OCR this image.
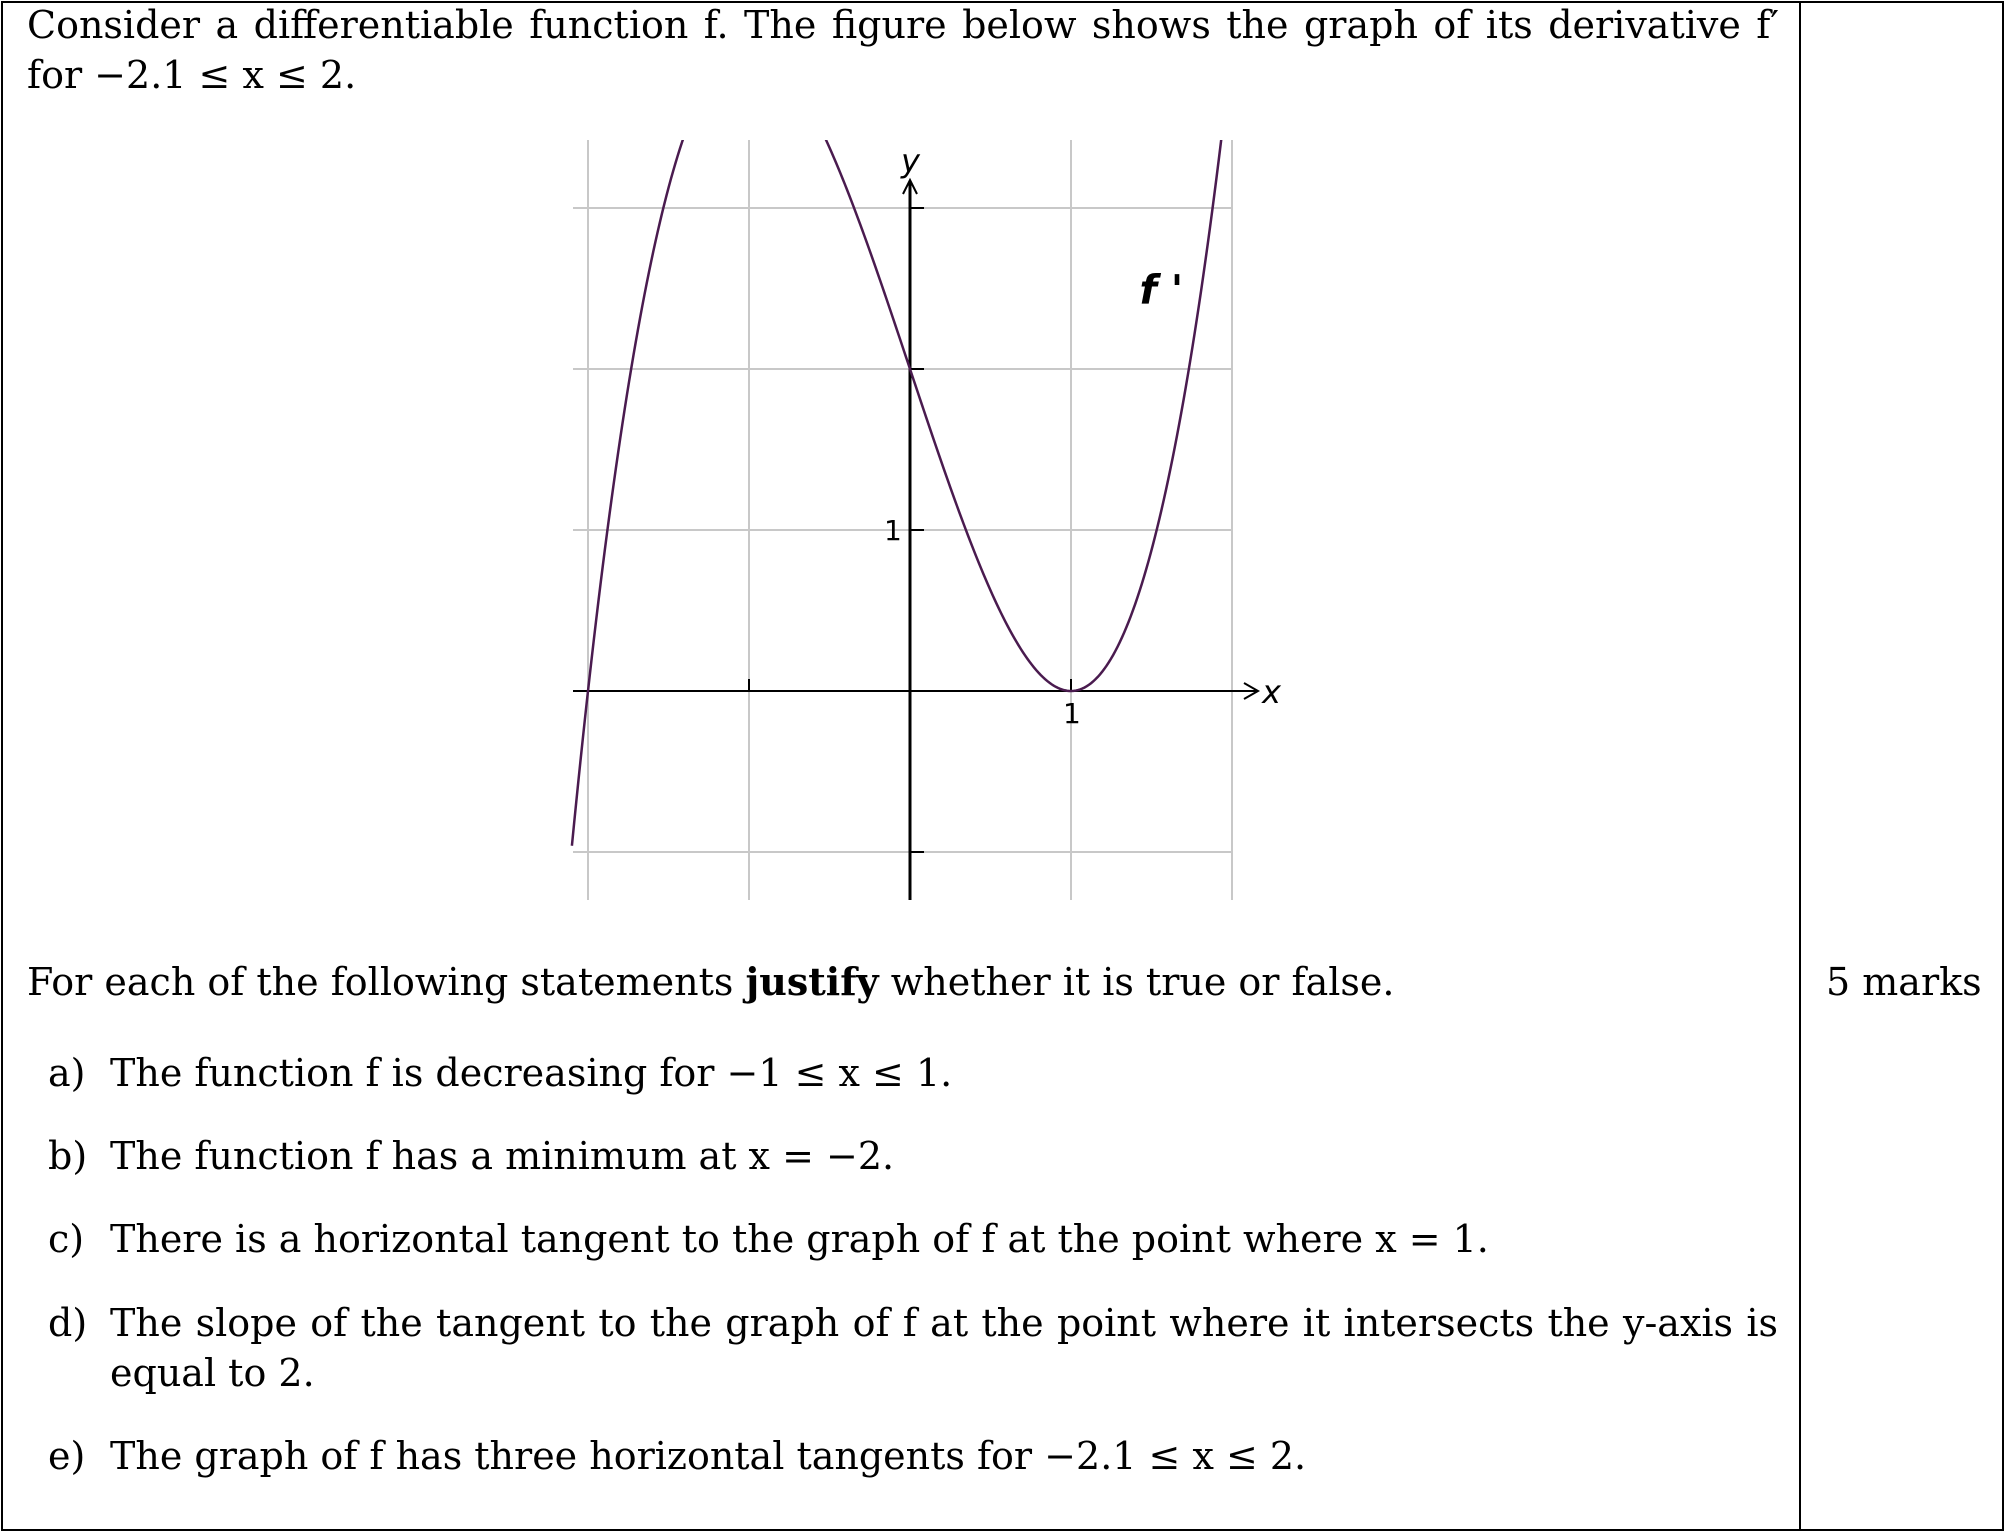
Consider a differentiable function f. The figure below shows the graph of its derivative f′ for −2.1 ≤ x ≤ 2.
x
y
1
1
f '
For each of the following statements justify whether it is true or false.	5 marks
a) The function f is decreasing for −1 ≤ x ≤ 1.
b) The function f has a minimum at x = −2.
c) There is a horizontal tangent to the graph of f at the point where x = 1.
d) The slope of the tangent to the graph of f at the point where it intersects the y-axis is equal to 2.
e) The graph of f has three horizontal tangents for −2.1 ≤ x ≤ 2.
